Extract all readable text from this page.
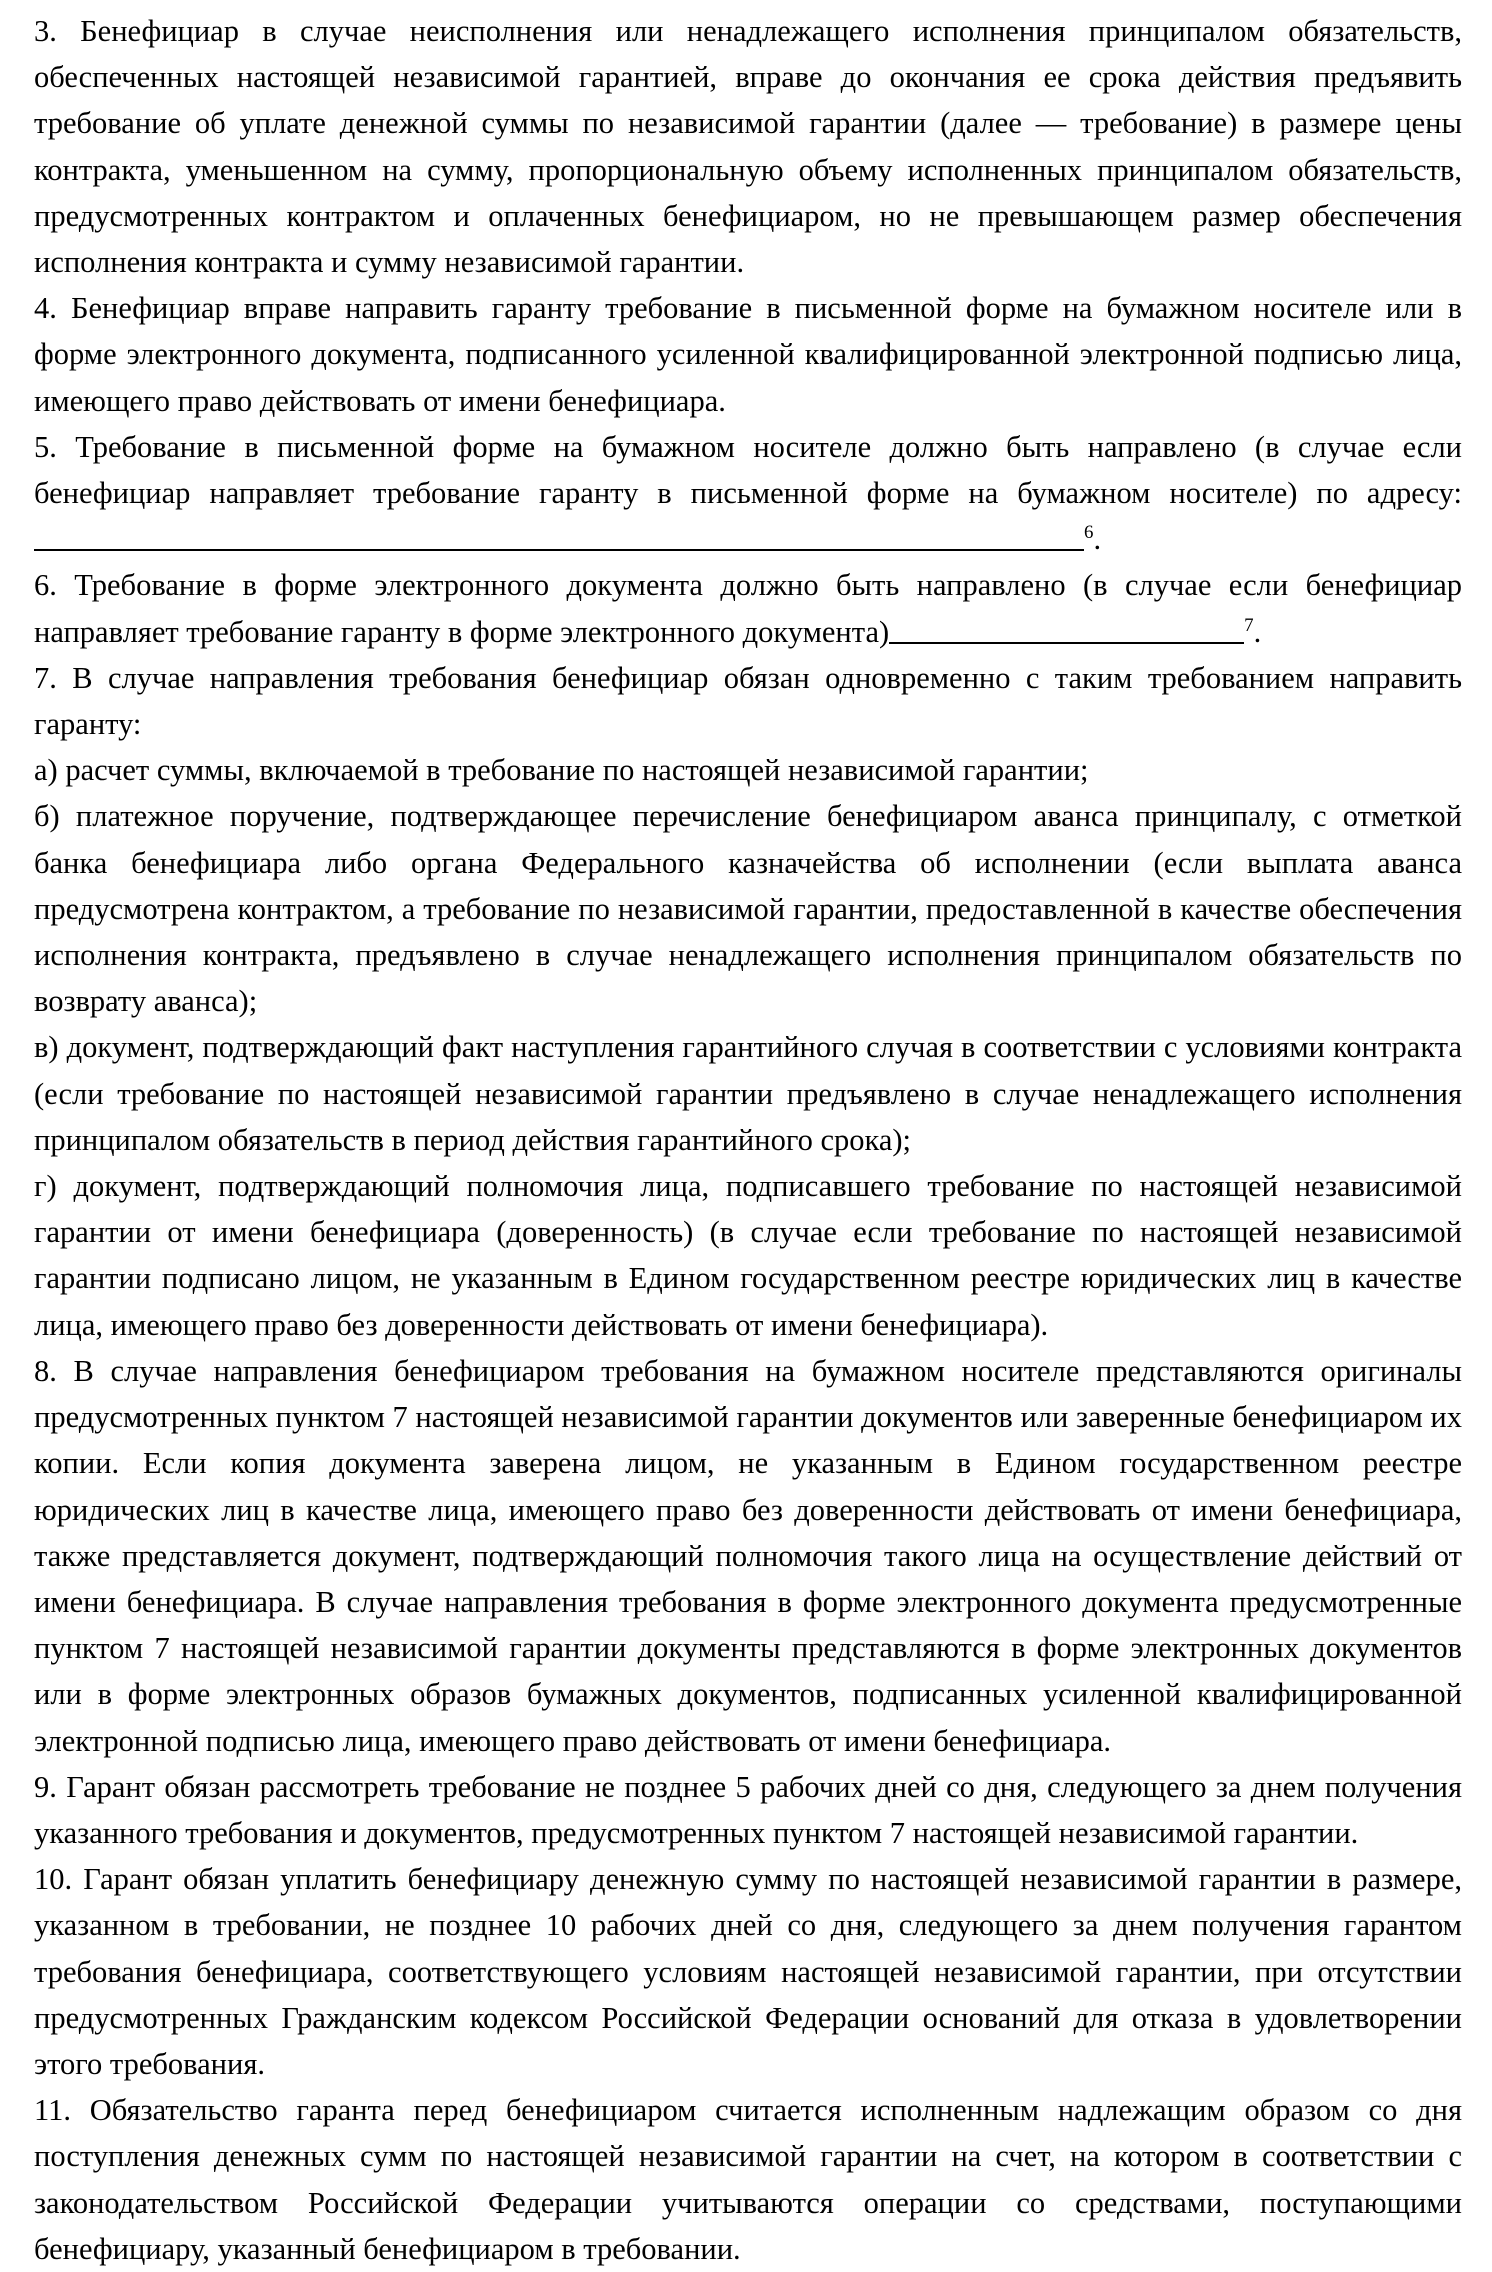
3. Бенефициар в случае неисполнения или ненадлежащего исполнения принципалом обязательств, обеспеченных настоящей независимой гарантией, вправе до окончания ее срока действия предъявить требование об уплате денежной суммы по независимой гарантии (далее — требование) в размере цены контракта, уменьшенном на сумму, пропорциональную объему исполненных принципалом обязательств, предусмотренных контрактом и оплаченных бенефициаром, но не превышающем размер обеспечения исполнения контракта и сумму независимой гарантии.

4. Бенефициар вправе направить гаранту требование в письменной форме на бумажном носителе или в форме электронного документа, подписанного усиленной квалифицированной электронной подписью лица, имеющего право действовать от имени бенефициара.

5. Требование в письменной форме на бумажном носителе должно быть направлено (в случае если бенефициар направляет требование гаранту в письменной форме на бумажном носителе) по адресу:$^6$.

6. Требование в форме электронного документа должно быть направлено (в случае если бенефициар направляет требование гаранту в форме электронного документа)	$^7$.

7. В случае направления требования бенефициар обязан одновременно с таким требованием направить гаранту:

а) расчет суммы, включаемой в требование по настоящей независимой гарантии;

б) платежное поручение, подтверждающее перечисление бенефициаром аванса принципалу, с отметкой банка бенефициара либо органа Федерального казначейства об исполнении (если выплата аванса предусмотрена контрактом, а требование по независимой гарантии, предоставленной в качестве обеспечения исполнения контракта, предъявлено в случае ненадлежащего исполнения принципалом обязательств по возврату аванса);

в) документ, подтверждающий факт наступления гарантийного случая в соответствии с условиями контракта (если требование по настоящей независимой гарантии предъявлено в случае ненадлежащего исполнения принципалом обязательств в период действия гарантийного срока);

г) документ, подтверждающий полномочия лица, подписавшего требование по настоящей независимой гарантии от имени бенефициара (доверенность) (в случае если требование по настоящей независимой гарантии подписано лицом, не указанным в Едином государственном реестре юридических лиц в качестве лица, имеющего право без доверенности действовать от имени бенефициара).

8. В случае направления бенефициаром требования на бумажном носителе представляются оригиналы предусмотренных пунктом 7 настоящей независимой гарантии документов или заверенные бенефициаром их копии. Если копия документа заверена лицом, не указанным в Едином государственном реестре юридических лиц в качестве лица, имеющего право без доверенности действовать от имени бенефициара, также представляется документ, подтверждающий полномочия такого лица на осуществление действий от имени бенефициара. В случае направления требования в форме электронного документа предусмотренные пунктом 7 настоящей независимой гарантии документы представляются в форме электронных документов или в форме электронных образов бумажных документов, подписанных усиленной квалифицированной электронной подписью лица, имеющего право действовать от имени бенефициара.

9. Гарант обязан рассмотреть требование не позднее 5 рабочих дней со дня, следующего за днем получения указанного требования и документов, предусмотренных пунктом 7 настоящей независимой гарантии.

10. Гарант обязан уплатить бенефициару денежную сумму по настоящей независимой гарантии в размере, указанном в требовании, не позднее 10 рабочих дней со дня, следующего за днем получения гарантом требования бенефициара, соответствующего условиям настоящей независимой гарантии, при отсутствии предусмотренных Гражданским кодексом Российской Федерации оснований для отказа в удовлетворении этого требования.

11. Обязательство гаранта перед бенефициаром считается исполненным надлежащим образом со дня поступления денежных сумм по настоящей независимой гарантии на счет, на котором в соответствии с законодательством Российской Федерации учитываются операции со средствами, поступающими бенефициару, указанный бенефициаром в требовании.
